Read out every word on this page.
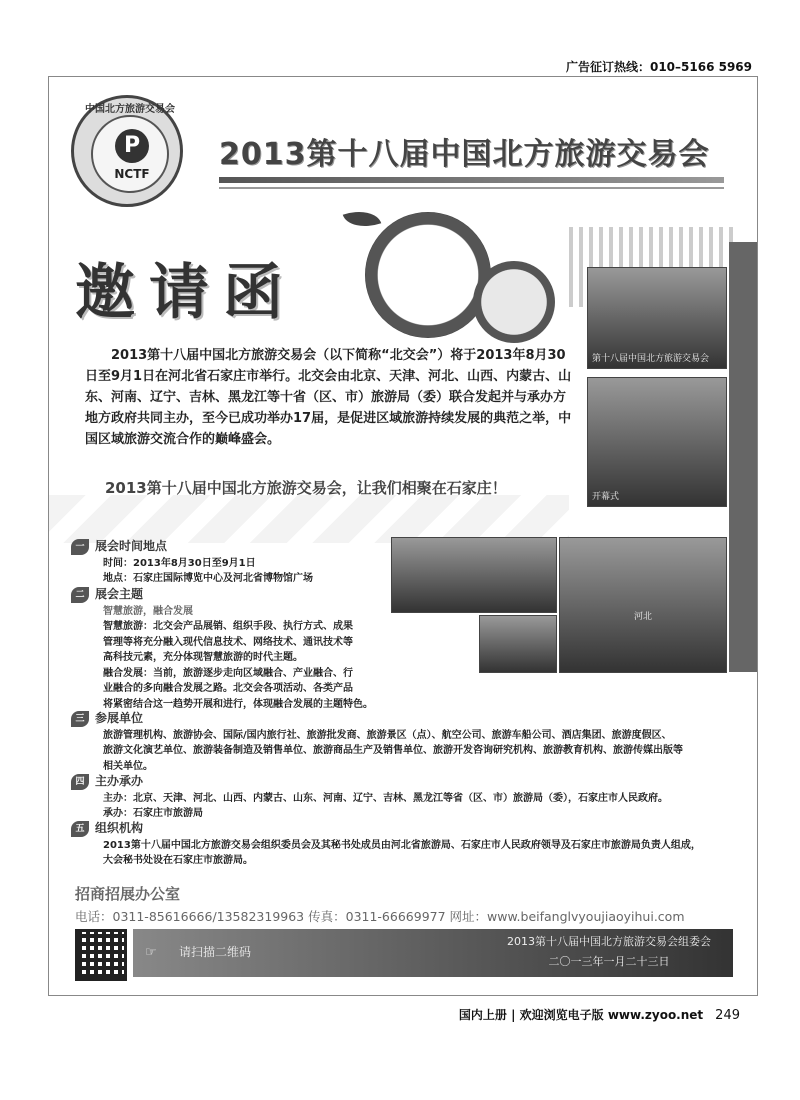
广告征订热线：010–5166 5969
中国北方旅游交易会
P
NCTF
2013第十八届中国北方旅游交易会
邀请函
第十八届中国北方旅游交易会
开幕式
2013第十八届中国北方旅游交易会（以下简称“北交会”）将于2013年8月30日至9月1日在河北省石家庄市举行。北交会由北京、天津、河北、山西、内蒙古、山东、河南、辽宁、吉林、黑龙江等十省（区、市）旅游局（委）联合发起并与承办方地方政府共同主办，至今已成功举办17届，是促进区域旅游持续发展的典范之举，中国区域旅游交流合作的巅峰盛会。
2013第十八届中国北方旅游交易会，让我们相聚在石家庄！
河北
一 展会时间地点
时间：2013年8月30日至9月1日
地点：石家庄国际博览中心及河北省博物馆广场
二 展会主题
智慧旅游，融合发展
智慧旅游：北交会产品展销、组织手段、执行方式、成果
管理等将充分融入现代信息技术、网络技术、通讯技术等
高科技元素，充分体现智慧旅游的时代主题。
融合发展：当前，旅游逐步走向区域融合、产业融合、行
业融合的多向融合发展之路。北交会各项活动、各类产品
将紧密结合这一趋势开展和进行，体现融合发展的主题特色。
三 参展单位
旅游管理机构、旅游协会、国际/国内旅行社、旅游批发商、旅游景区（点）、航空公司、旅游车船公司、酒店集团、旅游度假区、
旅游文化演艺单位、旅游装备制造及销售单位、旅游商品生产及销售单位、旅游开发咨询研究机构、旅游教育机构、旅游传媒出版等
相关单位。
四 主办承办
主办：北京、天津、河北、山西、内蒙古、山东、河南、辽宁、吉林、黑龙江等省（区、市）旅游局（委），石家庄市人民政府。
承办：石家庄市旅游局
五 组织机构
2013第十八届中国北方旅游交易会组织委员会及其秘书处成员由河北省旅游局、石家庄市人民政府领导及石家庄市旅游局负责人组成，
大会秘书处设在石家庄市旅游局。
招商招展办公室
电话：0311-85616666/13582319963 传真：0311-66669977 网址：www.beifanglvyoujiaoyihui.com
☞ 请扫描二维码
2013第十八届中国北方旅游交易会组委会
二〇一三年一月二十三日
国内上册 | 欢迎浏览电子版 www.zyoo.net 249
